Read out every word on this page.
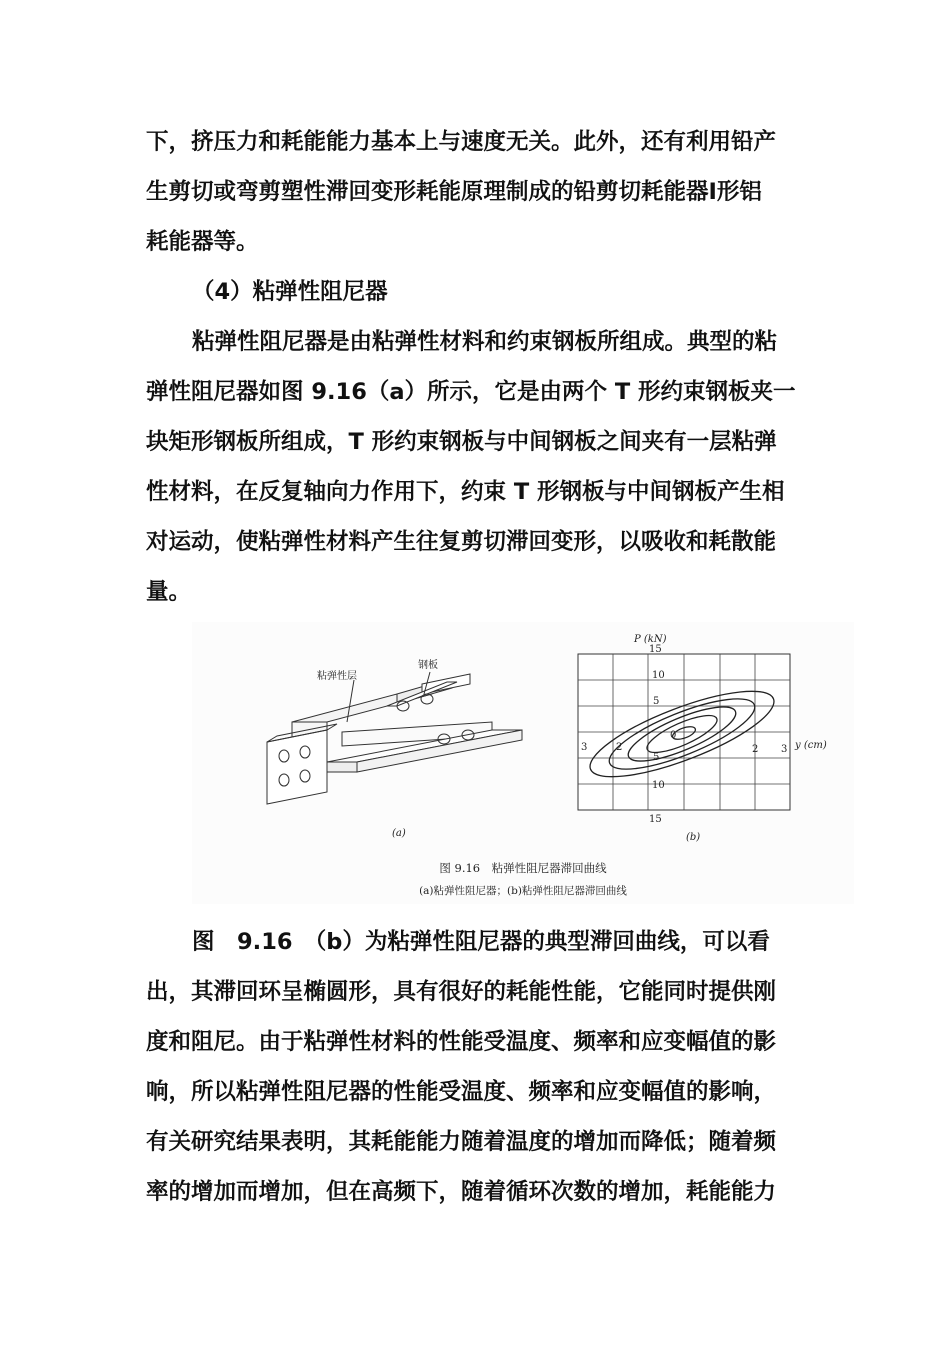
下，挤压力和耗能能力基本上与速度无关。此外，还有利用铅产
生剪切或弯剪塑性滞回变形耗能原理制成的铅剪切耗能器I形铝
耗能器等。
（4）粘弹性阻尼器
粘弹性阻尼器是由粘弹性材料和约束钢板所组成。典型的粘
弹性阻尼器如图 9.16（a）所示，它是由两个 T 形约束钢板夹一
块矩形钢板所组成，T 形约束钢板与中间钢板之间夹有一层粘弹
性材料，在反复轴向力作用下，约束 T 形钢板与中间钢板产生相
对运动，使粘弹性材料产生往复剪切滞回变形，以吸收和耗散能
量。
粘弹性层
钢板
(a)
P (kN)
15
10
5
5
10
15
3	2	2 3
0
y (cm)
(b)

图 9.16　粘弹性阻尼器滞回曲线

(a)粘弹性阻尼器；(b)粘弹性阻尼器滞回曲线

图　9.16　（b）为粘弹性阻尼器的典型滞回曲线，可以看
出，其滞回环呈椭圆形，具有很好的耗能性能，它能同时提供刚
度和阻尼。由于粘弹性材料的性能受温度、频率和应变幅值的影
响，所以粘弹性阻尼器的性能受温度、频率和应变幅值的影响，
有关研究结果表明，其耗能能力随着温度的增加而降低；随着频
率的增加而增加，但在高频下，随着循环次数的增加，耗能能力
